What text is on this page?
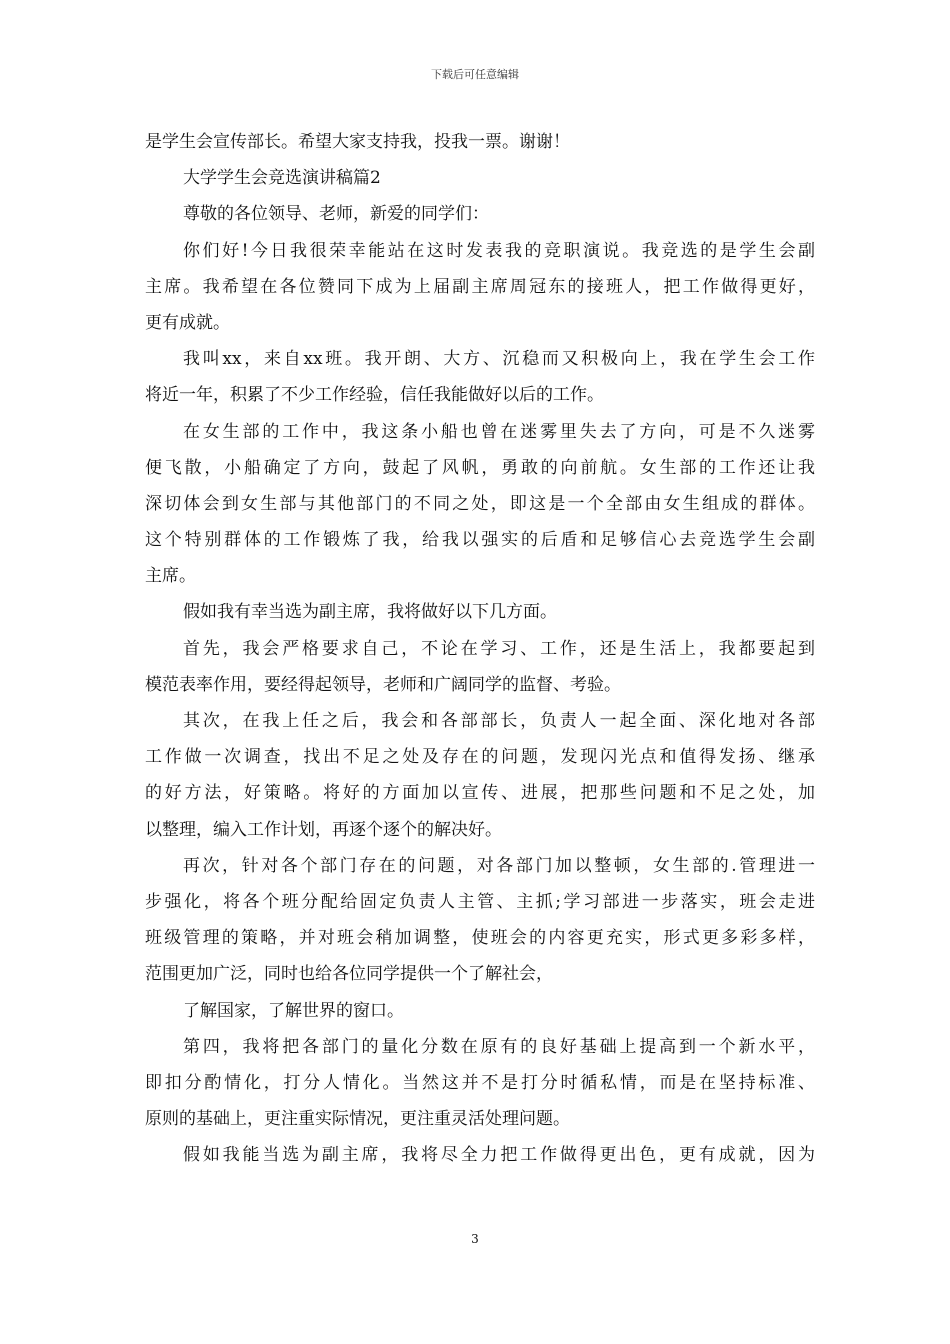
下载后可任意编辑
是学生会宣传部长。希望大家支持我，投我一票。谢谢！
大学学生会竞选演讲稿篇2
尊敬的各位领导、老师，新爱的同学们：
你们好!今日我很荣幸能站在这时发表我的竞职演说。我竞选的是学生会副
主席。我希望在各位赞同下成为上届副主席周冠东的接班人，把工作做得更好，
更有成就。
我叫xx，来自xx班。我开朗、大方、沉稳而又积极向上，我在学生会工作
将近一年，积累了不少工作经验，信任我能做好以后的工作。
在女生部的工作中，我这条小船也曾在迷雾里失去了方向，可是不久迷雾
便飞散，小船确定了方向，鼓起了风帆，勇敢的向前航。女生部的工作还让我
深切体会到女生部与其他部门的不同之处，即这是一个全部由女生组成的群体。
这个特别群体的工作锻炼了我，给我以强实的后盾和足够信心去竞选学生会副
主席。
假如我有幸当选为副主席，我将做好以下几方面。
首先，我会严格要求自己，不论在学习、工作，还是生活上，我都要起到
模范表率作用，要经得起领导，老师和广阔同学的监督、考验。
其次，在我上任之后，我会和各部部长，负责人一起全面、深化地对各部
工作做一次调查，找出不足之处及存在的问题，发现闪光点和值得发扬、继承
的好方法，好策略。将好的方面加以宣传、进展，把那些问题和不足之处，加
以整理，编入工作计划，再逐个逐个的解决好。
再次，针对各个部门存在的问题，对各部门加以整顿，女生部的.管理进一
步强化，将各个班分配给固定负责人主管、主抓;学习部进一步落实，班会走进
班级管理的策略，并对班会稍加调整，使班会的内容更充实，形式更多彩多样，
范围更加广泛，同时也给各位同学提供一个了解社会，
了解国家，了解世界的窗口。
第四，我将把各部门的量化分数在原有的良好基础上提高到一个新水平，
即扣分酌情化，打分人情化。当然这并不是打分时循私情，而是在坚持标准、
原则的基础上，更注重实际情况，更注重灵活处理问题。
假如我能当选为副主席，我将尽全力把工作做得更出色，更有成就，因为
3
